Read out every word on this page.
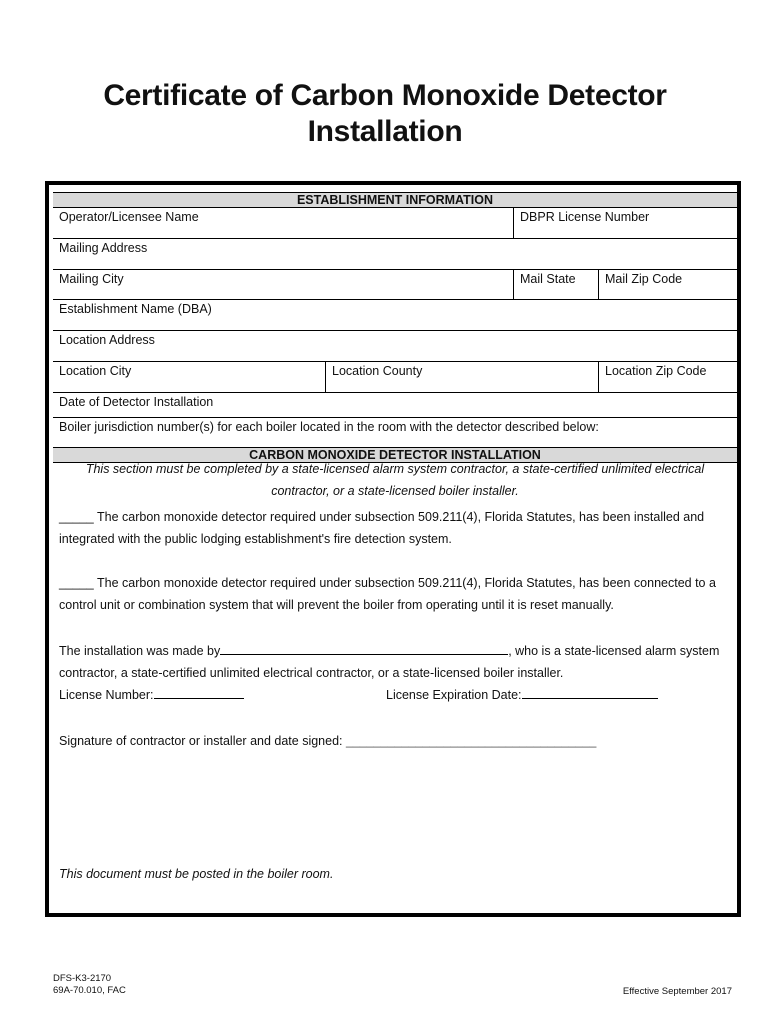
Certificate of Carbon Monoxide Detector
Installation
ESTABLISHMENT INFORMATION
Operator/Licensee Name	DBPR License Number
Mailing Address
Mailing City	Mail State	Mail Zip Code
Establishment Name (DBA)
Location Address
Location City	Location County	Location Zip Code
Date of Detector Installation
Boiler jurisdiction number(s) for each boiler located in the room with the detector described below:
CARBON MONOXIDE DETECTOR INSTALLATION
This section must be completed by a state-licensed alarm system contractor, a state-certified unlimited electrical
contractor, or a state-licensed boiler installer.
_____ The carbon monoxide detector required under subsection 509.211(4), Florida Statutes, has been installed and
integrated with the public lodging establishment's fire detection system.
_____ The carbon monoxide detector required under subsection 509.211(4), Florida Statutes, has been connected to a
control unit or combination system that will prevent the boiler from operating until it is reset manually.
The installation was made by	, who is a state-licensed alarm system
contractor, a state-certified unlimited electrical contractor, or a state-licensed boiler installer.
License Number:	License Expiration Date:
Signature of contractor or installer and date signed: ____________________________________
This document must be posted in the boiler room.
DFS-K3-2170
69A-70.010, FAC	Effective September 2017
